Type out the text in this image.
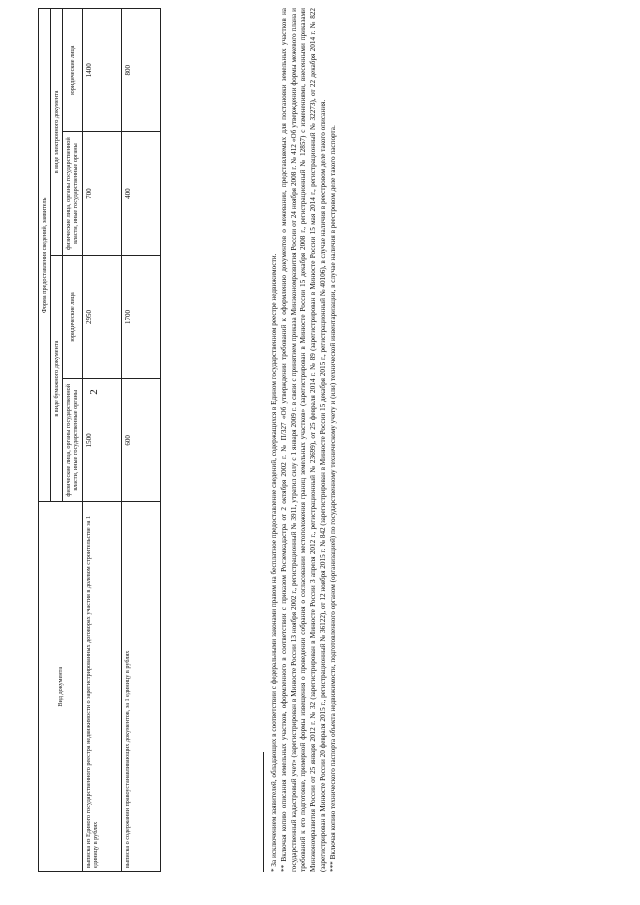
2
Вид документа	Форма предоставления сведений, заявитель			
	в виде бумажного документа		в виде электронного документа	
	физические лица, органы государственной власти, иные государственные органы	юридические лица	физические лица, органы государственной власти, иные государственные органы	юридические лица
выписка из Единого государственного реестра недвижимости о зарегистрированных договорах участия в долевом строительстве за 1 единицу в рублях	1500	2950	700	1400
выписка о содержании правоустанавливающих документов, за 1 единицу в рублях	600	1700	400	800

* За исключением заявителей, обладающих в соответствии с федеральными законами правом на бесплатное предоставление сведений, содержащихся в Едином государственном реестре недвижимости. ** Включая копию описания земельных участков, оформленного в соответствии с приказом Росземкадастра от 2 октября 2002 г. № П/327 «Об утверждении требований к оформлению документов о межевании, представляемых для постановки земельных участков на государственный кадастровый учет» (зарегистрирован в Минюсте России 13 ноября 2002 г., регистрационный № 3911, утратил силу с 1 января 2009 г. в связи с принятием приказа Минэкономразвития России от 24 ноября 2008 г. № 412 «Об утверждении формы межевого плана и требований к его подготовке, примерной формы извещения о проведении собрания о согласовании местоположения границ земельных участков» (зарегистрирован в Минюсте России 15 декабря 2008 г., регистрационный № 12857) с изменениями, внесенными приказами Минэкономразвития России от 25 января 2012 г. № 32 (зарегистрирован в Минюсте России 3 апреля 2012 г., регистрационный № 23699), от 25 февраля 2014 г. № 89 (зарегистрирован в Минюсте России 15 мая 2014 г., регистрационный № 32273), от 22 декабря 2014 г. № 822 (зарегистрирован в Минюсте России 20 февраля 2015 г., регистрационный № 36122), от 12 ноября 2015 г. № 842 (зарегистрирован в Минюсте России 15 декабря 2015 г., регистрационный № 40106), в случае наличия в реестровом деле такого описания. *** Включая копию технического паспорта объекта недвижимости, подготовленного органом (организацией) по государственному техническому учету и (или) технической инвентаризации, в случае наличия в реестровом деле такого паспорта.
